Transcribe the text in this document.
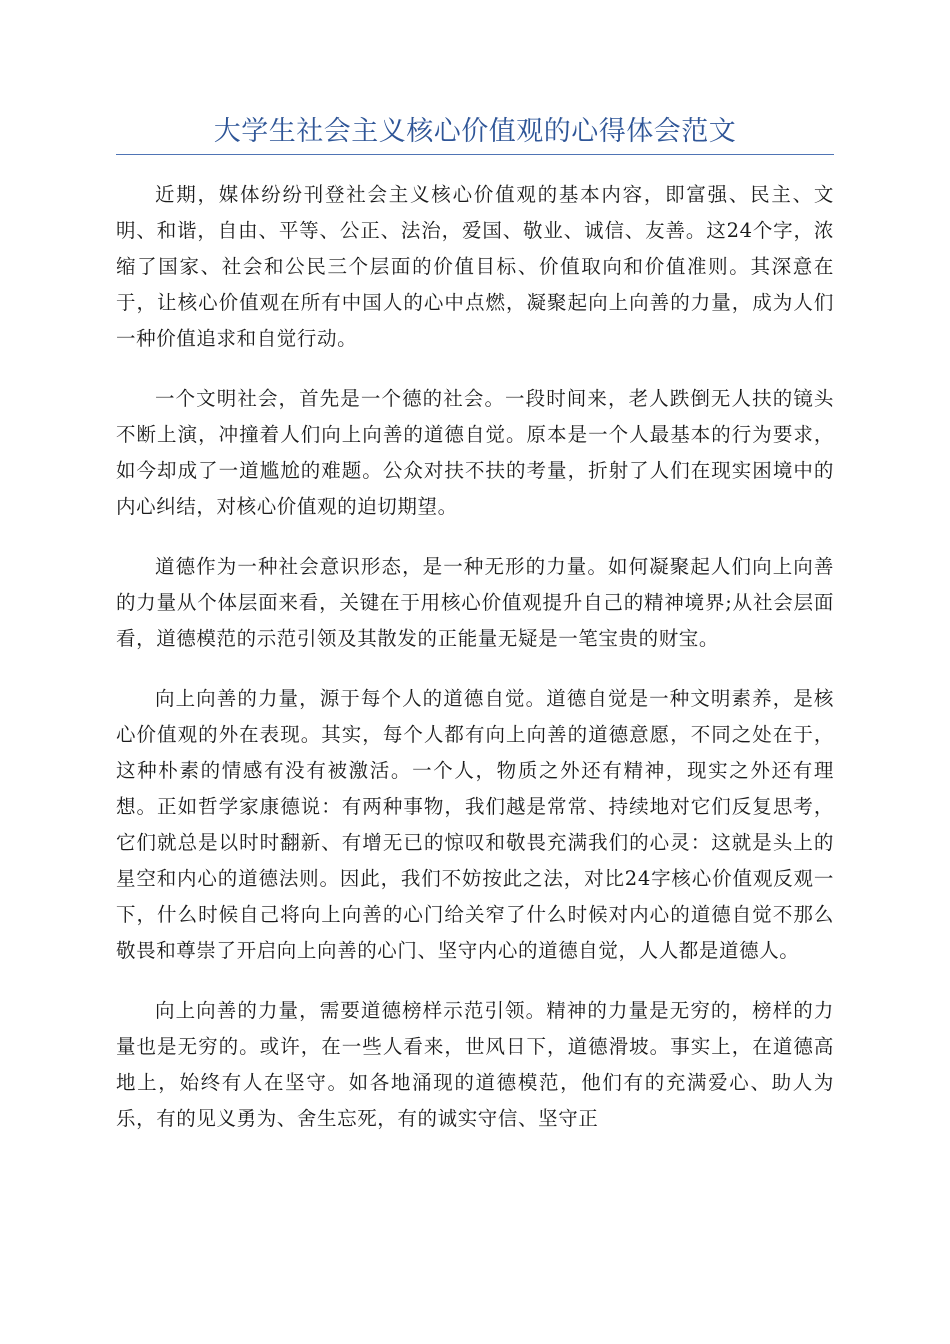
大学生社会主义核心价值观的心得体会范文

近期，媒体纷纷刊登社会主义核心价值观的基本内容，即富强、民主、文明、和谐，自由、平等、公正、法治，爱国、敬业、诚信、友善。这24个字，浓缩了国家、社会和公民三个层面的价值目标、价值取向和价值准则。其深意在于，让核心价值观在所有中国人的心中点燃，凝聚起向上向善的力量，成为人们一种价值追求和自觉行动。

一个文明社会，首先是一个德的社会。一段时间来，老人跌倒无人扶的镜头不断上演，冲撞着人们向上向善的道德自觉。原本是一个人最基本的行为要求，如今却成了一道尴尬的难题。公众对扶不扶的考量，折射了人们在现实困境中的内心纠结，对核心价值观的迫切期望。

道德作为一种社会意识形态，是一种无形的力量。如何凝聚起人们向上向善的力量从个体层面来看，关键在于用核心价值观提升自己的精神境界;从社会层面看，道德模范的示范引领及其散发的正能量无疑是一笔宝贵的财宝。

向上向善的力量，源于每个人的道德自觉。道德自觉是一种文明素养，是核心价值观的外在表现。其实，每个人都有向上向善的道德意愿，不同之处在于，这种朴素的情感有没有被激活。一个人，物质之外还有精神，现实之外还有理想。正如哲学家康德说：有两种事物，我们越是常常、持续地对它们反复思考，它们就总是以时时翻新、有增无已的惊叹和敬畏充满我们的心灵：这就是头上的星空和内心的道德法则。因此，我们不妨按此之法，对比24字核心价值观反观一下，什么时候自己将向上向善的心门给关窄了什么时候对内心的道德自觉不那么敬畏和尊崇了开启向上向善的心门、坚守内心的道德自觉，人人都是道德人。

向上向善的力量，需要道德榜样示范引领。精神的力量是无穷的，榜样的力量也是无穷的。或许，在一些人看来，世风日下，道德滑坡。事实上，在道德高地上，始终有人在坚守。如各地涌现的道德模范，他们有的充满爱心、助人为乐，有的见义勇为、舍生忘死，有的诚实守信、坚守正
